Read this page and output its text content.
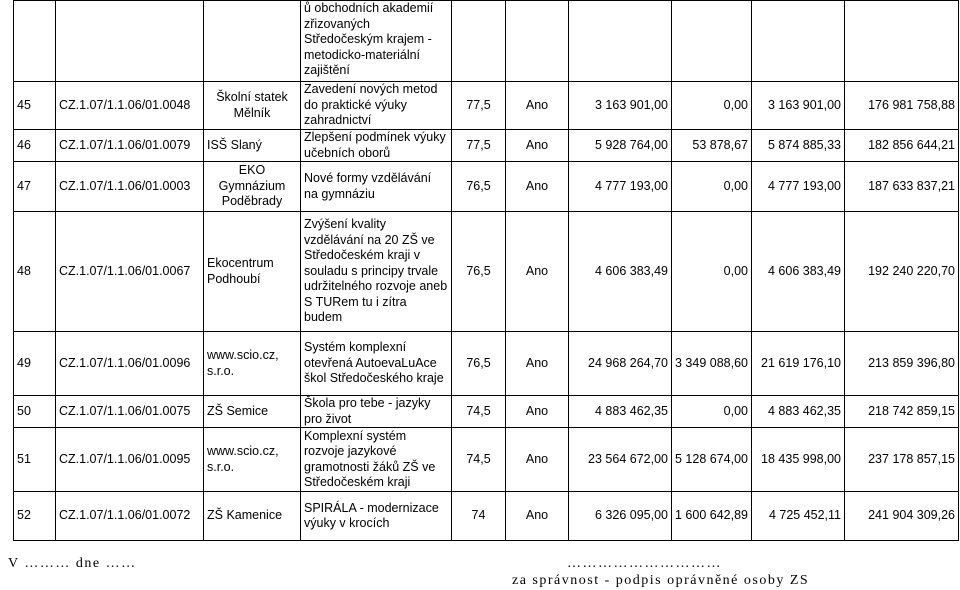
			ů obchodních akademií zřizovaných Středočeským krajem - metodicko-materiální zajištění						
45	CZ.1.07/1.1.06/01.0048	Školní statek Mělník	Zavedení nových metod do praktické výuky zahradnictví	77,5	Ano	3 163 901,00	0,00	3 163 901,00	176 981 758,88
46	CZ.1.07/1.1.06/01.0079	ISŠ Slaný	Zlepšení podmínek výuky učebních oborů	77,5	Ano	5 928 764,00	53 878,67	5 874 885,33	182 856 644,21
47	CZ.1.07/1.1.06/01.0003	EKO Gymnázium Poděbrady	Nové formy vzdělávání na gymnáziu	76,5	Ano	4 777 193,00	0,00	4 777 193,00	187 633 837,21
48	CZ.1.07/1.1.06/01.0067	Ekocentrum Podhoubí	Zvýšení kvality vzdělávání na 20 ZŠ ve Středočeském kraji v souladu s principy trvale udržitelného rozvoje aneb S TURem tu i zítra budem	76,5	Ano	4 606 383,49	0,00	4 606 383,49	192 240 220,70
49	CZ.1.07/1.1.06/01.0096	www.scio.cz, s.r.o.	Systém komplexní otevřená AutoevaLuAce škol Středočeského kraje	76,5	Ano	24 968 264,70	3 349 088,60	21 619 176,10	213 859 396,80
50	CZ.1.07/1.1.06/01.0075	ZŠ Semice	Škola pro tebe - jazyky pro život	74,5	Ano	4 883 462,35	0,00	4 883 462,35	218 742 859,15
51	CZ.1.07/1.1.06/01.0095	www.scio.cz, s.r.o.	Komplexní systém rozvoje jazykové gramotnosti žáků ZŠ ve Středočeském kraji	74,5	Ano	23 564 672,00	5 128 674,00	18 435 998,00	237 178 857,15
52	CZ.1.07/1.1.06/01.0072	ZŠ Kamenice	SPIRÁLA - modernizace výuky v krocích	74	Ano	6 326 095,00	1 600 642,89	4 725 452,11	241 904 309,26
V ……… dne ……	…………………………
za správnost - podpis oprávněné osoby ZS
